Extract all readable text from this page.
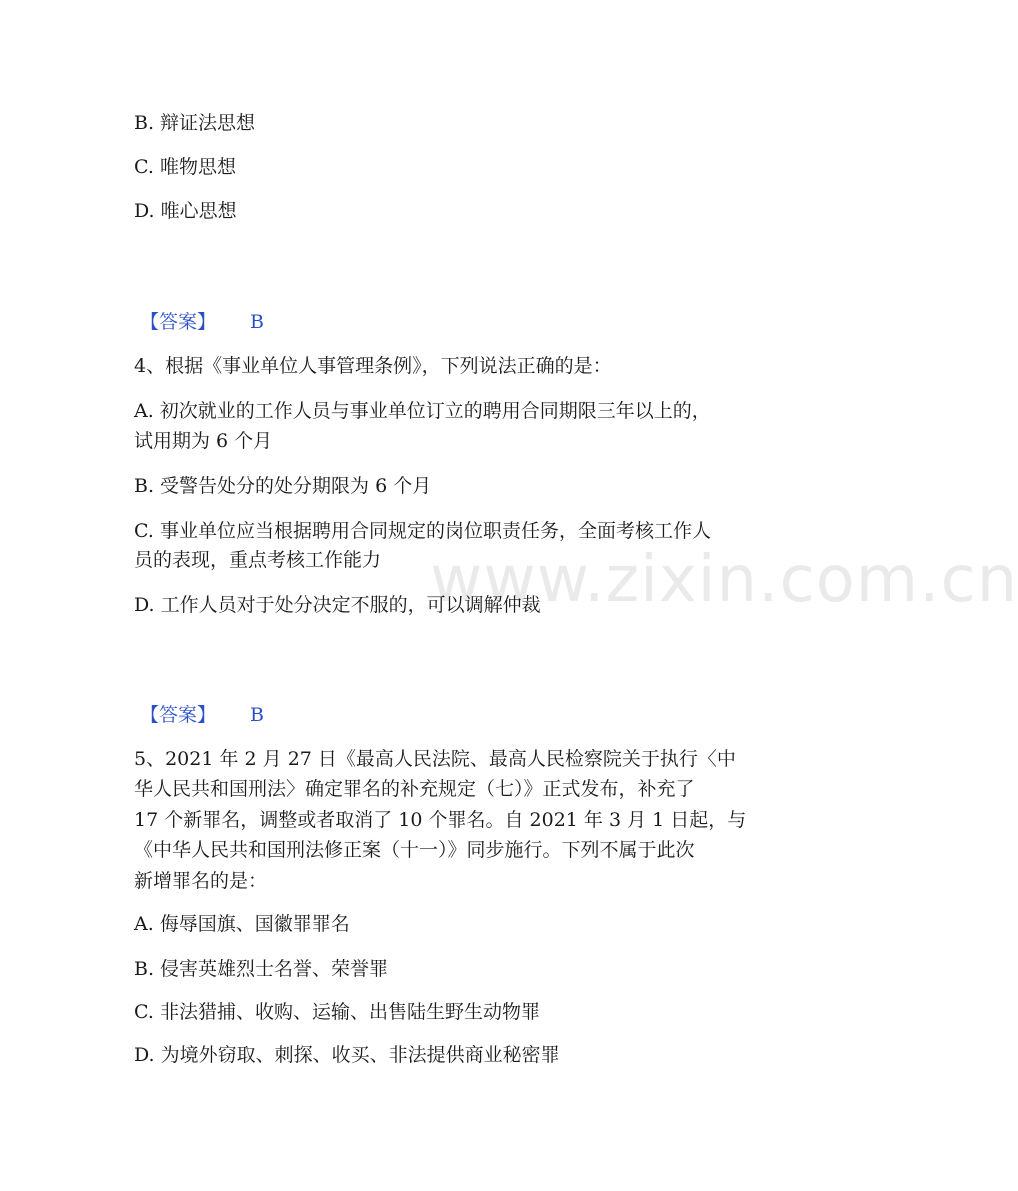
www.zixin.com.cn

B. 辩证法思想

C. 唯物思想

D. 唯心思想

【答案】 B

4、根据《事业单位人事管理条例》，下列说法正确的是：

A. 初次就业的工作人员与事业单位订立的聘用合同期限三年以上的，

试用期为 6 个月

B. 受警告处分的处分期限为 6 个月

C. 事业单位应当根据聘用合同规定的岗位职责任务，全面考核工作人

员的表现，重点考核工作能力

D. 工作人员对于处分决定不服的，可以调解仲裁

【答案】 B

5、2021 年 2 月 27 日《最高人民法院、最高人民检察院关于执行〈中

华人民共和国刑法〉确定罪名的补充规定（七）》正式发布，补充了

17 个新罪名，调整或者取消了 10 个罪名。自 2021 年 3 月 1 日起，与

《中华人民共和国刑法修正案（十一）》同步施行。下列不属于此次

新增罪名的是：

A. 侮辱国旗、国徽罪罪名

B. 侵害英雄烈士名誉、荣誉罪

C. 非法猎捕、收购、运输、出售陆生野生动物罪

D. 为境外窃取、刺探、收买、非法提供商业秘密罪
